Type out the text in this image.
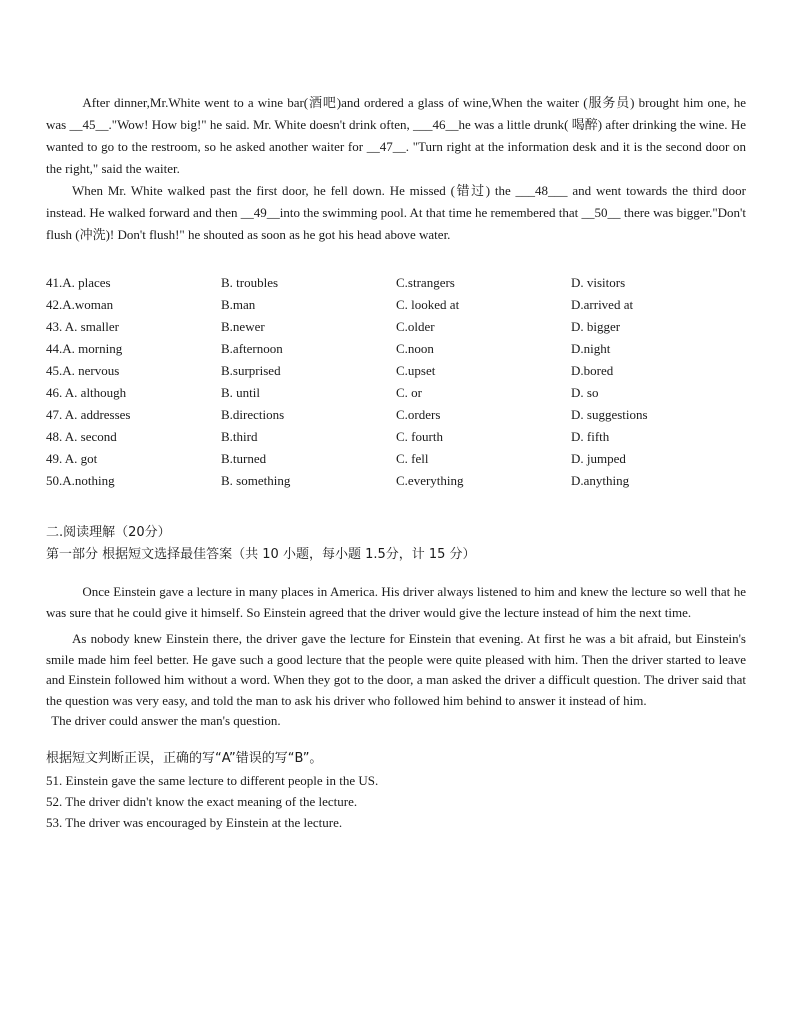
After dinner,Mr.White went to a wine bar(酒吧)and ordered a glass of wine,When the waiter (服务员) brought him one, he was __45__."Wow! How big!" he said. Mr. White doesn't drink often, ___46__he was a little drunk( 喝醉) after drinking the wine. He wanted to go to the restroom, so he asked another waiter for __47__. "Turn right at the information desk and it is the second door on the right," said the waiter.

When Mr. White walked past the first door, he fell down. He missed (错过) the ___48___ and went towards the third door instead. He walked forward and then __49__into the swimming pool. At that time he remembered that __50__ there was bigger."Don't flush (冲洗)! Don't flush!" he shouted as soon as he got his head above water.

41.A. places	B. troubles	C.strangers	D. visitors
42.A.woman	B.man	C. looked at	D.arrived at
43. A. smaller	B.newer	C.older	D. bigger
44.A. morning	B.afternoon	C.noon	D.night
45.A. nervous	B.surprised	C.upset	D.bored
46. A. although	B. until	C. or	D. so
47. A. addresses	B.directions	C.orders	D. suggestions
48. A. second	B.third	C. fourth	D. fifth
49. A. got	B.turned	C. fell	D. jumped
50.A.nothing	B. something	C.everything	D.anything
二.阅读理解（20分）
第一部分 根据短文选择最佳答案（共 10 小题，每小题 1.5分，计 15 分）

Once Einstein gave a lecture in many places in America. His driver always listened to him and knew the lecture so well that he was sure that he could give it himself. So Einstein agreed that the driver would give the lecture instead of him the next time.

As nobody knew Einstein there, the driver gave the lecture for Einstein that evening. At first he was a bit afraid, but Einstein's smile made him feel better. He gave such a good lecture that the people were quite pleased with him. Then the driver started to leave and Einstein followed him without a word. When they got to the door, a man asked the driver a difficult question. The driver said that the question was very easy, and told the man to ask his driver who followed him behind to answer it instead of him.

The driver could answer the man's question.

根据短文判断正误，正确的写“A”错误的写“B”。
51. Einstein gave the same lecture to different people in the US.
52. The driver didn't know the exact meaning of the lecture.
53. The driver was encouraged by Einstein at the lecture.
